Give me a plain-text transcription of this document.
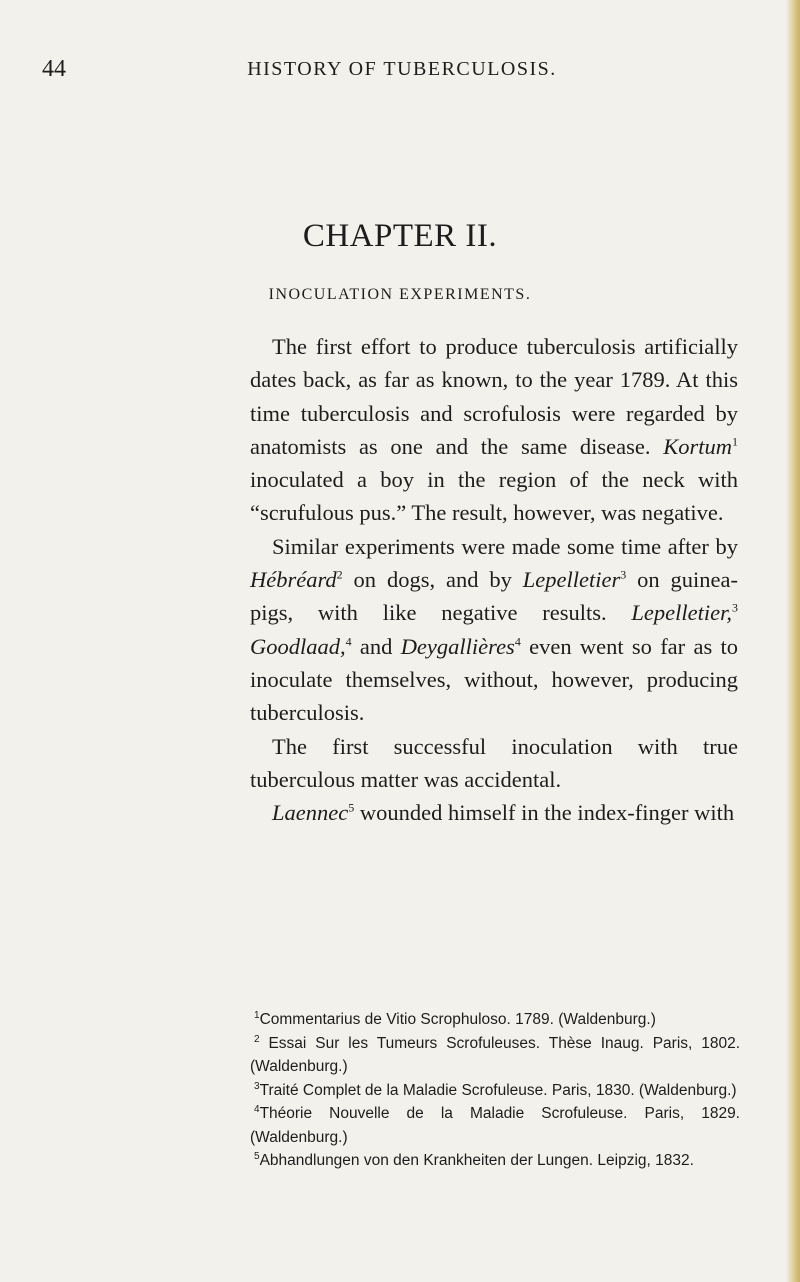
44	HISTORY OF TUBERCULOSIS.
CHAPTER II.
INOCULATION EXPERIMENTS.

The first effort to produce tuberculosis artificially dates back, as far as known, to the year 1789. At this time tuberculosis and scrofulosis were regarded by anatomists as one and the same disease. Kortum$^1$ inoculated a boy in the region of the neck with “scrufulous pus.” The result, however, was negative.

Similar experiments were made some time after by Hébréard$^2$ on dogs, and by Lepelletier$^3$ on guinea-pigs, with like negative results. Lepelletier,$^3$ Goodlaad,$^4$ and Deygallières$^4$ even went so far as to inoculate themselves, without, however, producing tuberculosis.

The first successful inoculation with true tuberculous matter was accidental.

Laennec$^5$ wounded himself in the index-finger with

$^1$Commentarius de Vitio Scrophuloso. 1789. (Waldenburg.)

$^2$ Essai Sur les Tumeurs Scrofuleuses. Thèse Inaug. Paris, 1802. (Waldenburg.)

$^3$Traité Complet de la Maladie Scrofuleuse. Paris, 1830. (Waldenburg.)

$^4$Théorie Nouvelle de la Maladie Scrofuleuse. Paris, 1829. (Waldenburg.)

$^5$Abhandlungen von den Krankheiten der Lungen. Leipzig, 1832.
